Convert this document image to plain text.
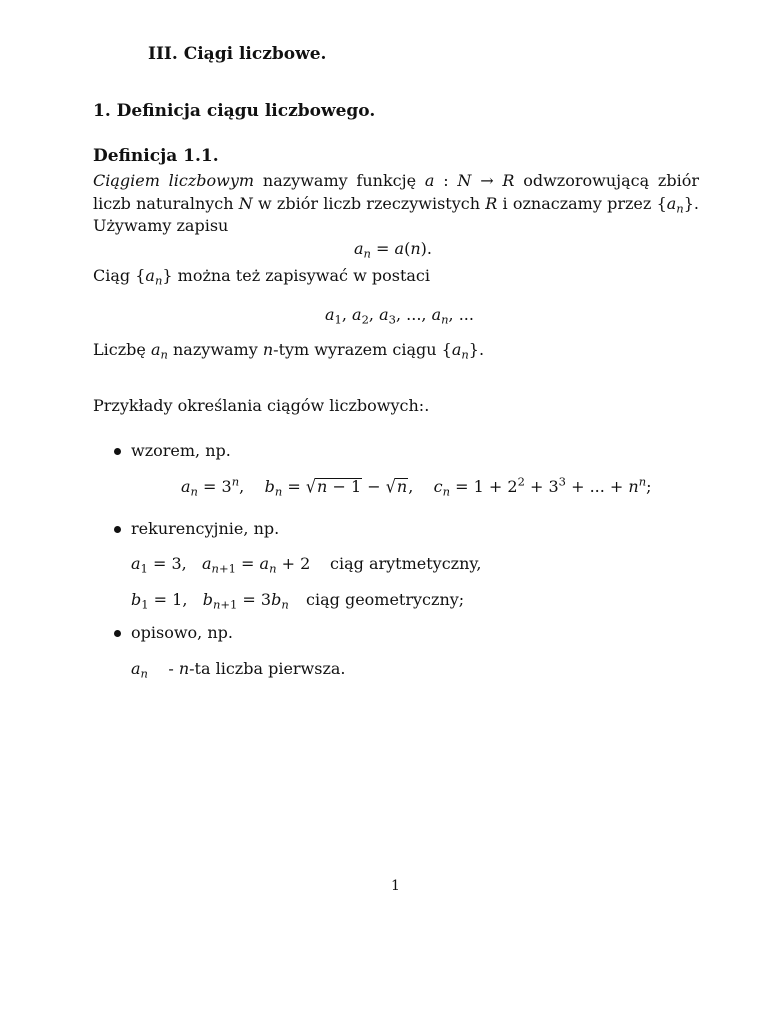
III. Ciągi liczbowe.
1. Definicja ciągu liczbowego.
Definicja 1.1.
Ciągiem liczbowym nazywamy funkcję a : N → R odwzorowującą zbiór
liczb naturalnych N w zbiór liczb rzeczywistych R i oznaczamy przez $\{a_n\}$.
Używamy zapisu
$a_n = a(n)$.
Ciąg $\{a_n\}$ można też zapisywać w postaci
$a_1$, $a_2$, $a_3$, ..., $a_n$, ...
Liczbę $a_n$ nazywamy n-tym wyrazem ciągu $\{a_n\}$.
Przykłady określania ciągów liczbowych:.
wzorem, np.
$a_n = 3^n$,    $b_n = √n - 1 - √n$,    $c_n = 1 + 2^2 + 3^3$ + ... + $n^n$;
rekurencyjnie, np.
$a_1 = 3$,   $a_{n+1} = a_n + 2$ ciąg arytmetyczny,
$b_1 = 1$,   $b_{n+1} = 3b_n$ ciąg geometryczny;
opisowo, np.
$a_n$    - n-ta liczba pierwsza.
1
